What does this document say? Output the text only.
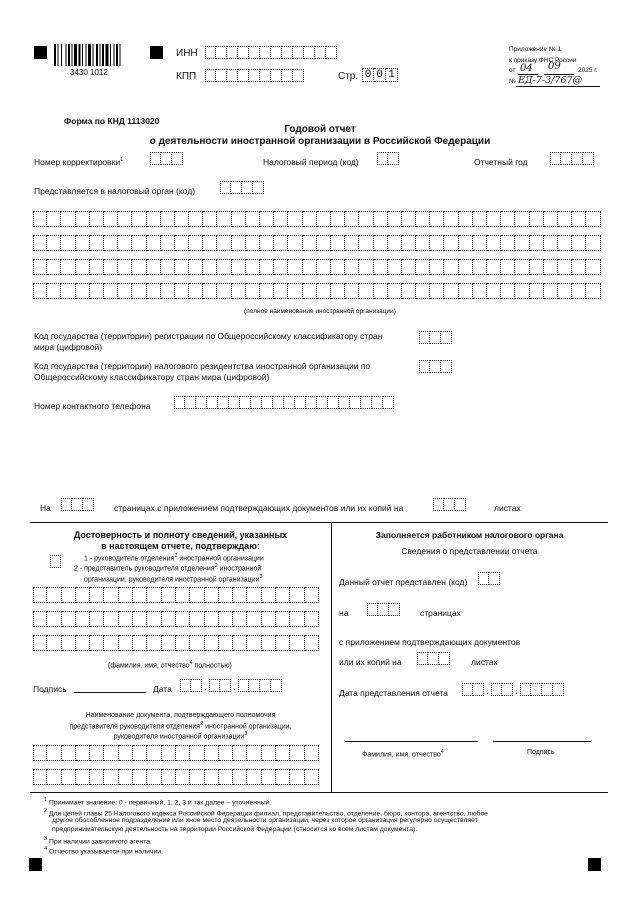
3430 1012
ИНН
КПП	Стр. 0 0 1
Приложение № 1
к приказу ФНС России
от 04 09	2025 г.
№ ЕД-7-3/767@
Форма по КНД 1113020
Годовой отчет
о деятельности иностранной организации в Российской Федерации
Номер корректировки$^1$	Налоговый период (код)	Отчетный год
Представляется в налоговый орган (код)
(полное наименование иностранной организации)
Код государства (территории) регистрации по Общероссийскому классификатору стран
мира (цифровой)
Код государства (территории) налогового резидентства иностранной организации по
Общероссийскому классификатору стран мира (цифровой)
Номер контактного телефона
На	страницах с приложением подтверждающих документов или их копий на	листах
Достоверность и полноту сведений, указанных
в настоящем отчете, подтверждаю:
1 - руководитель отделения$^2$ иностранной организации
2 - представитель руководителя отделения$^2$ иностранной
организации, руководителя иностранной организации$^3$
(фамилия, имя, отчество$^4$ полностью)
Подпись	Дата	. .
Наименование документа, подтверждающего полномочия
представителя руководителя отделения$^2$ иностранной организации,
руководителя иностранной организации$^3$
Заполняется работником налогового органа
Сведения о представлении отчета
Данный отчет представлен (код)
на	страницах
с приложением подтверждающих документов
или их копий на	листах
Дата представления отчета	. .
Фамилия, имя, отчество$^4$	Подпись
$^1$ Принимает значение: 0 - первичный, 1, 2, 3 и так далее – уточненный.
$^2$ Для целей главы 25 Налогового кодекса Российской Федерации филиал, представительство, отделение, бюро, контора, агентство, любое
другое обособленное подразделение или иное место деятельности организации, через которое организация регулярно осуществляет
предпринимательскую деятельность на территории Российской Федерации (относится ко всем листам документа).
$^3$ При наличии зависимого агента.
$^4$ Отчество указывается при наличии.
